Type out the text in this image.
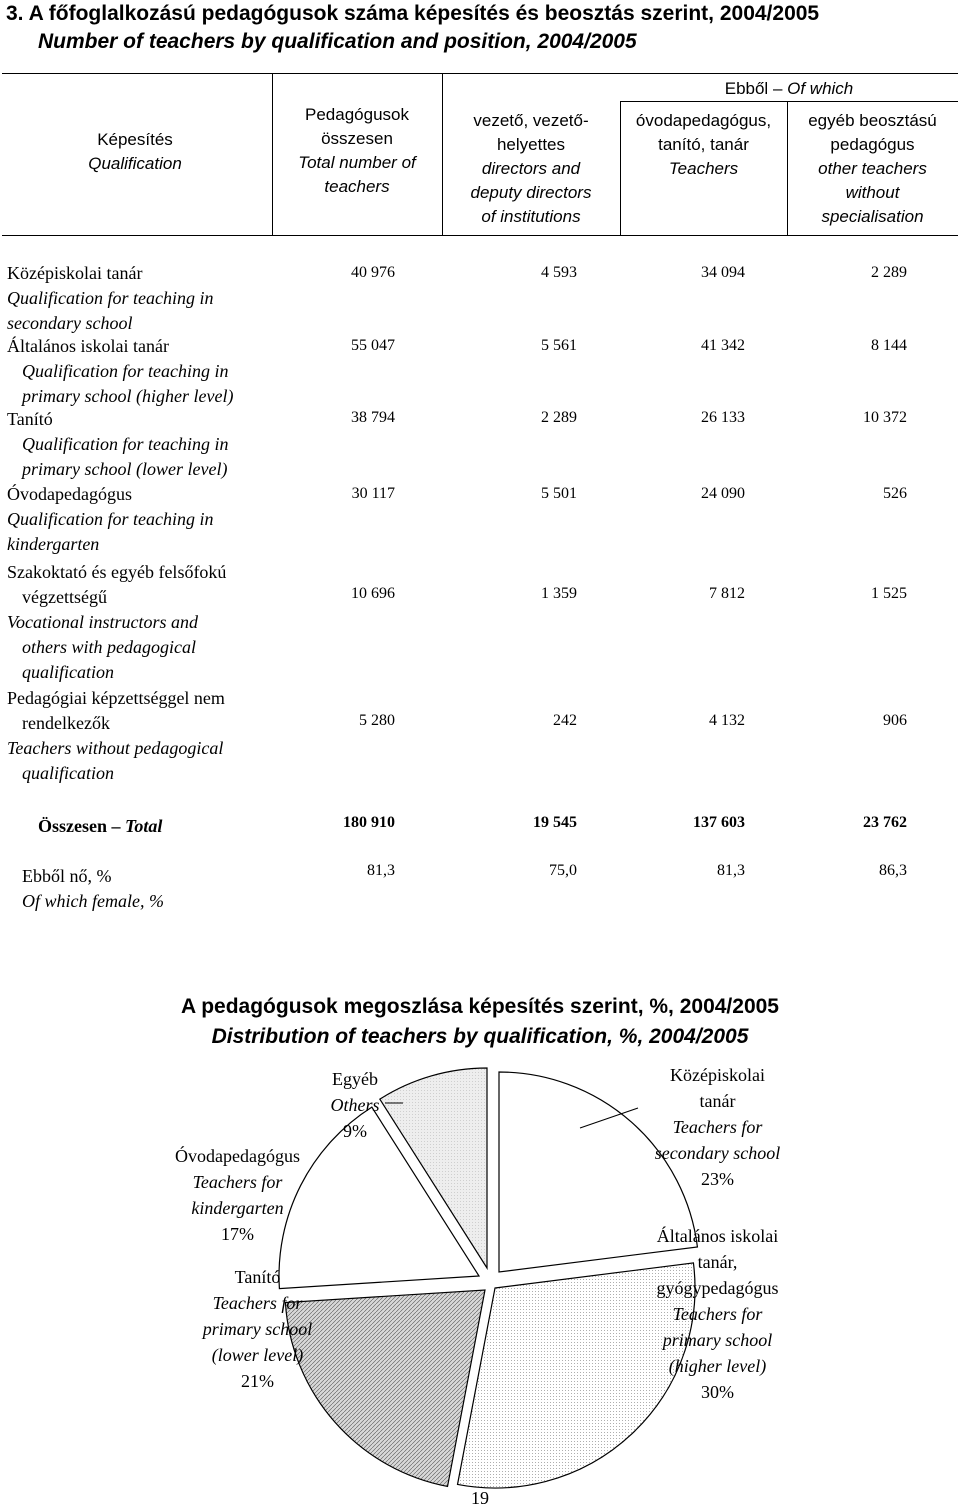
3. A főfoglalkozású pedagógusok száma képesítés és beosztás szerint, 2004/2005
Number of teachers by qualification and position, 2004/2005
Képesítés
Qualification
Pedagógusok
összesen
Total number of
teachers
Ebből – Of which
vezető, vezető-
helyettes
directors and
deputy directors
of institutions
óvodapedagógus,
tanító, tanár
Teachers
egyéb beosztású
pedagógus
other teachers
without
specialisation
Középiskolai tanár
Qualification for teaching in
secondary school
40 976	4 593	34 094	2 289
Általános iskolai tanár
Qualification for teaching in
primary school (higher level)
55 047	5 561	41 342	8 144
Tanító
Qualification for teaching in
primary school (lower level)
38 794	2 289	26 133	10 372
Óvodapedagógus
Qualification for teaching in
kindergarten
30 117	5 501	24 090	526
Szakoktató és egyéb felsőfokú
végzettségű
Vocational instructors and
others with pedagogical
qualification
10 696	1 359	7 812	1 525
Pedagógiai képzettséggel nem
rendelkezők
Teachers without pedagogical
qualification
5 280	242	4 132	906
Összesen – Total	180 910	19 545	137 603	23 762
Ebből nő, %
Of which female, %
81,3	75,0	81,3	86,3
A pedagógusok megoszlása képesítés szerint, %, 2004/2005
Distribution of teachers by qualification, %, 2004/2005
Egyéb
Others
9%
Középiskolai
tanár
Teachers for
secondary school
23%
Óvodapedagógus
Teachers for
kindergarten
17%	Általános iskolai
tanár,
gyógypedagógus
Teachers for
primary school
(higher level)
30%
Tanító
Teachers for
primary school
(lower level)
21%
19
